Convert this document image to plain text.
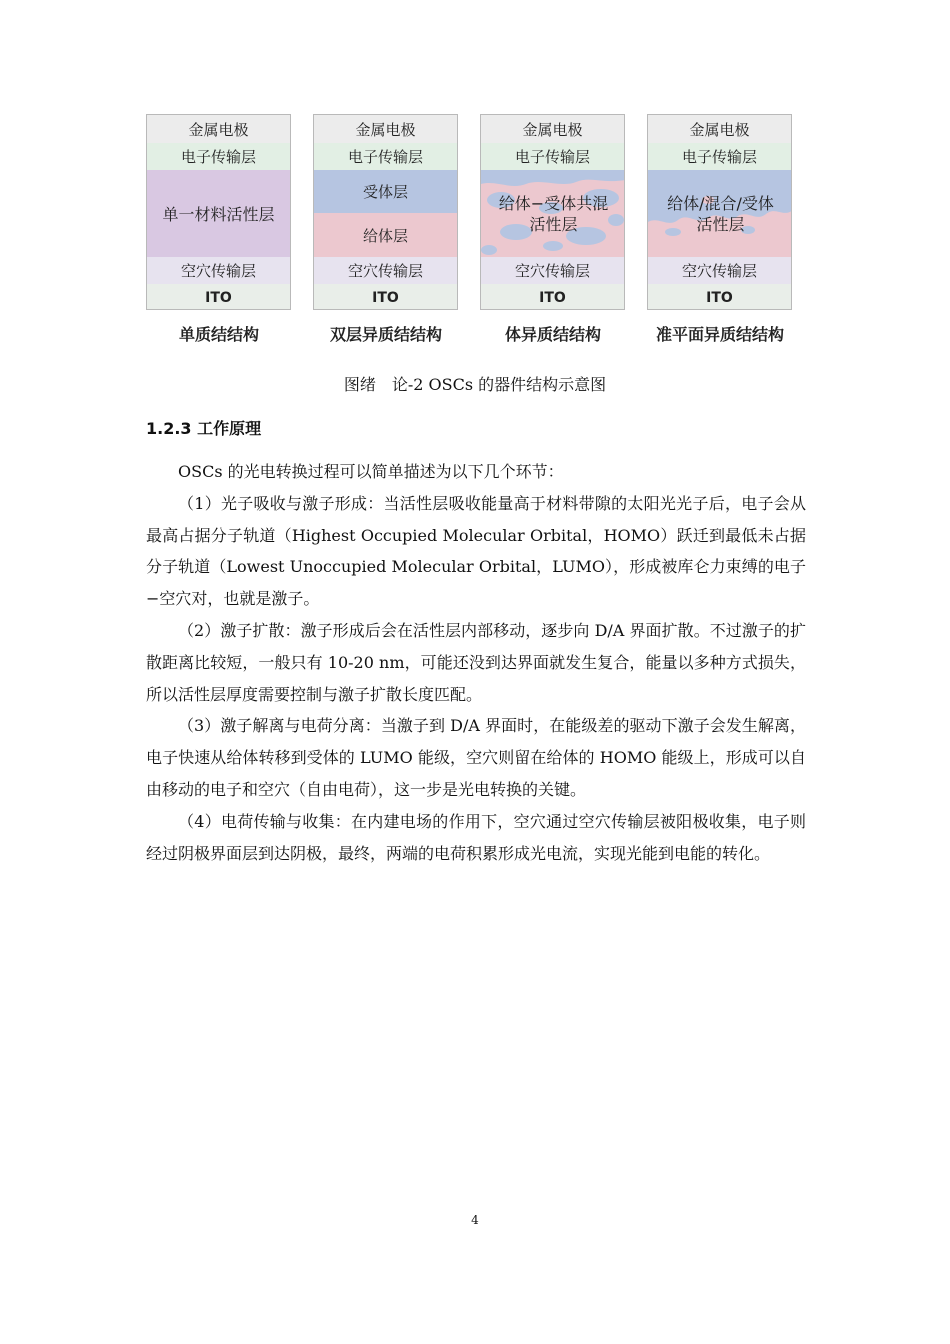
金属电极
电子传输层
单一材料活性层
空穴传输层
ITO
金属电极
电子传输层
受体层
给体层
空穴传输层
ITO
金属电极
电子传输层
给体−受体共混
活性层
空穴传输层
ITO
金属电极
电子传输层
给体/混合/受体
活性层
空穴传输层
ITO
单质结结构	双层异质结结构	体异质结结构	准平面异质结结构
图绪　论-2 OSCs 的器件结构示意图
1.2.3 工作原理

OSCs 的光电转换过程可以简单描述为以下几个环节：

（1）光子吸收与激子形成：当活性层吸收能量高于材料带隙的太阳光光子后，电子会从最高占据分子轨道（Highest Occupied Molecular Orbital，HOMO）跃迁到最低未占据分子轨道（Lowest Unoccupied Molecular Orbital，LUMO），形成被库仑力束缚的电子−空穴对，也就是激子。

（2）激子扩散：激子形成后会在活性层内部移动，逐步向 D/A 界面扩散。不过激子的扩散距离比较短，一般只有 10-20 nm，可能还没到达界面就发生复合，能量以多种方式损失，所以活性层厚度需要控制与激子扩散长度匹配。

（3）激子解离与电荷分离：当激子到 D/A 界面时，在能级差的驱动下激子会发生解离，电子快速从给体转移到受体的 LUMO 能级，空穴则留在给体的 HOMO 能级上，形成可以自由移动的电子和空穴（自由电荷），这一步是光电转换的关键。

（4）电荷传输与收集：在内建电场的作用下，空穴通过空穴传输层被阳极收集，电子则经过阴极界面层到达阴极，最终，两端的电荷积累形成光电流，实现光能到电能的转化。

4
